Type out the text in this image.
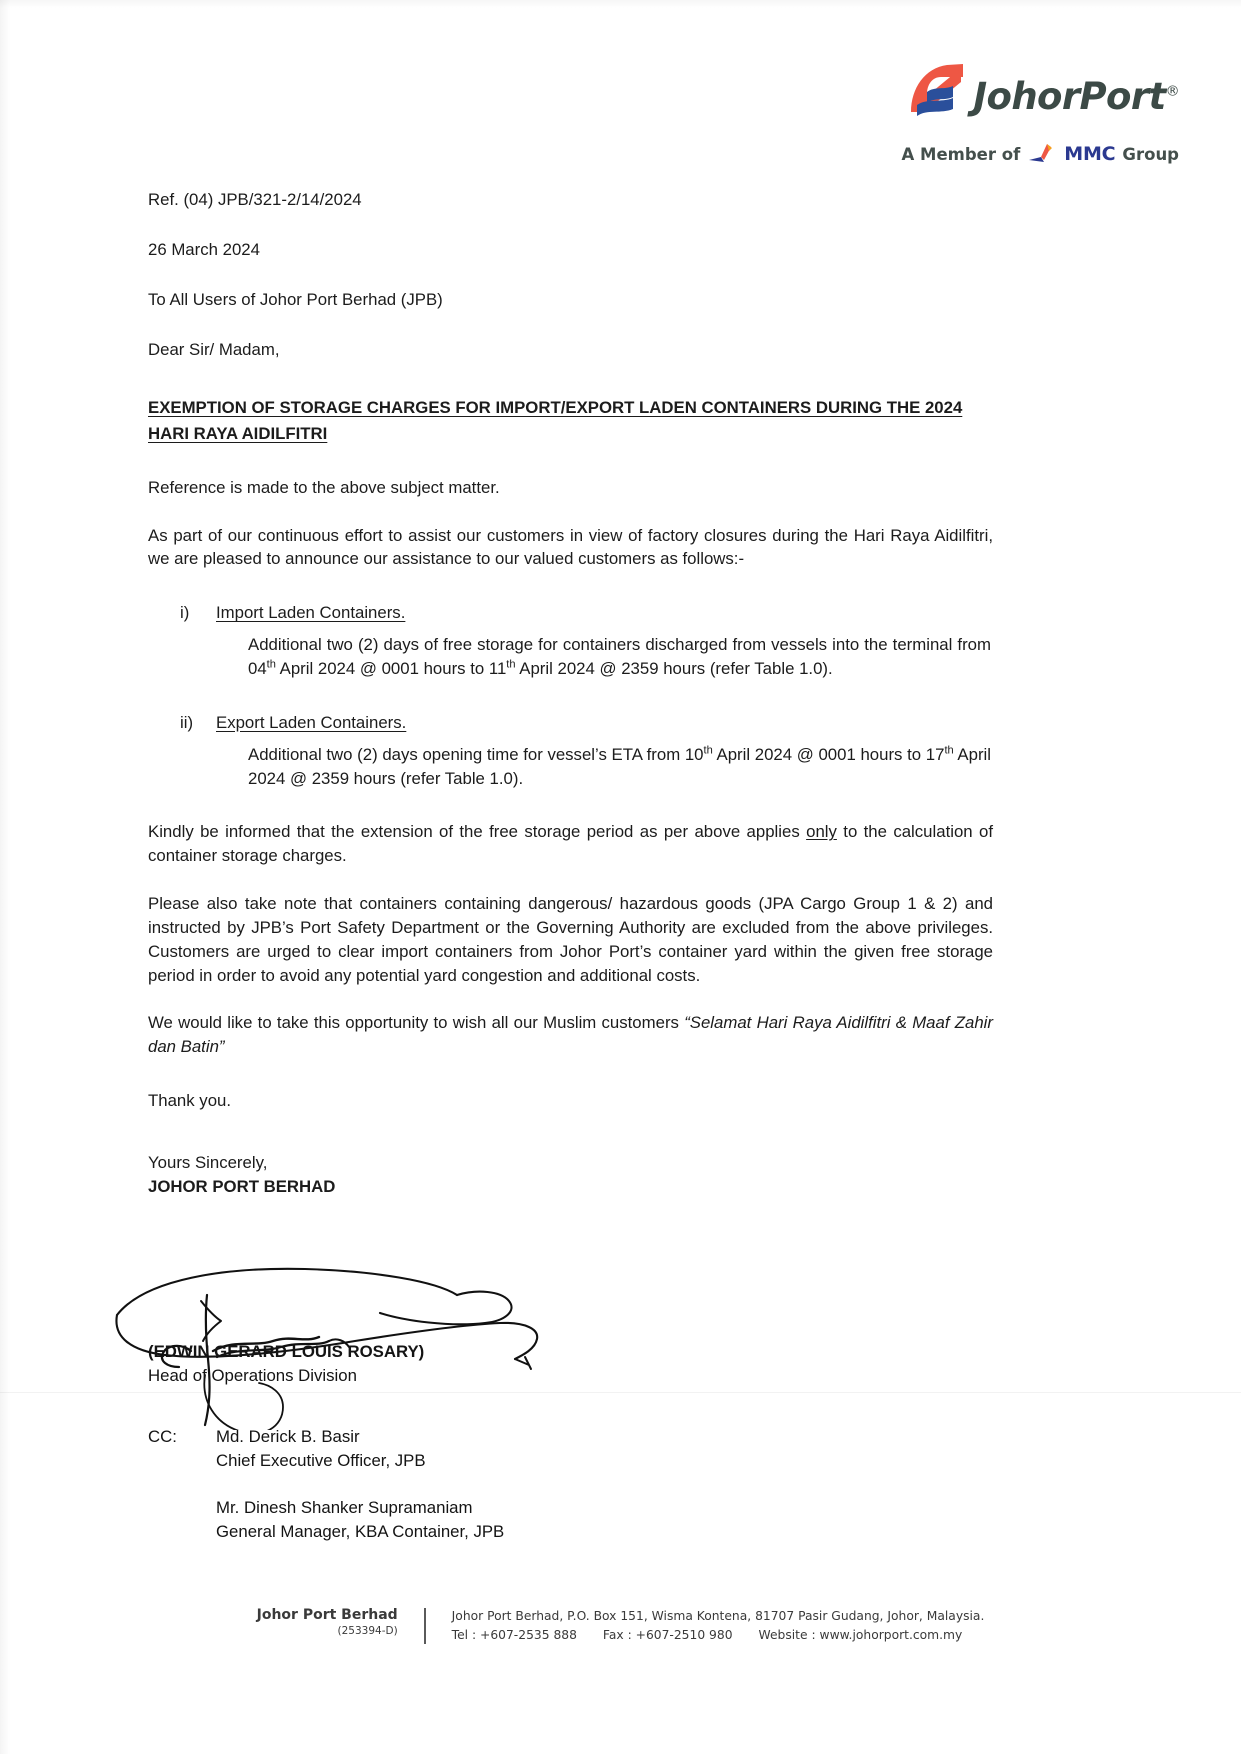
JohorPort®
A Member of MMC Group
Ref. (04) JPB/321-2/14/2024
26 March 2024
To All Users of Johor Port Berhad (JPB)
Dear Sir/ Madam,
EXEMPTION OF STORAGE CHARGES FOR IMPORT/EXPORT LADEN CONTAINERS DURING THE 2024 HARI RAYA AIDILFITRI

Reference is made to the above subject matter.

As part of our continuous effort to assist our customers in view of factory closures during the Hari Raya Aidilfitri, we are pleased to announce our assistance to our valued customers as follows:-

i)	Import Laden Containers.

Additional two (2) days of free storage for containers discharged from vessels into the terminal from 04th April 2024 @ 0001 hours to 11th April 2024 @ 2359 hours (refer Table 1.0).

ii)	Export Laden Containers.

Additional two (2) days opening time for vessel’s ETA from 10th April 2024 @ 0001 hours to 17th April 2024 @ 2359 hours (refer Table 1.0).

Kindly be informed that the extension of the free storage period as per above applies only to the calculation of container storage charges.

Please also take note that containers containing dangerous/ hazardous goods (JPA Cargo Group 1 & 2) and instructed by JPB’s Port Safety Department or the Governing Authority are excluded from the above privileges. Customers are urged to clear import containers from Johor Port’s container yard within the given free storage period in order to avoid any potential yard congestion and additional costs.

We would like to take this opportunity to wish all our Muslim customers “Selamat Hari Raya Aidilfitri & Maaf Zahir dan Batin”

Thank you.

Yours Sincerely,

JOHOR PORT BERHAD

(EDWIN GERARD LOUIS ROSARY)
Head of Operations Division
CC:	Md. Derick B. Basir
Chief Executive Officer, JPB
Mr. Dinesh Shanker Supramaniam
General Manager, KBA Container, JPB
Johor Port Berhad
(253394-D)
Johor Port Berhad, P.O. Box 151, Wisma Kontena, 81707 Pasir Gudang, Johor, Malaysia.
Tel : +607-2535 888 Fax : +607-2510 980 Website : www.johorport.com.my
